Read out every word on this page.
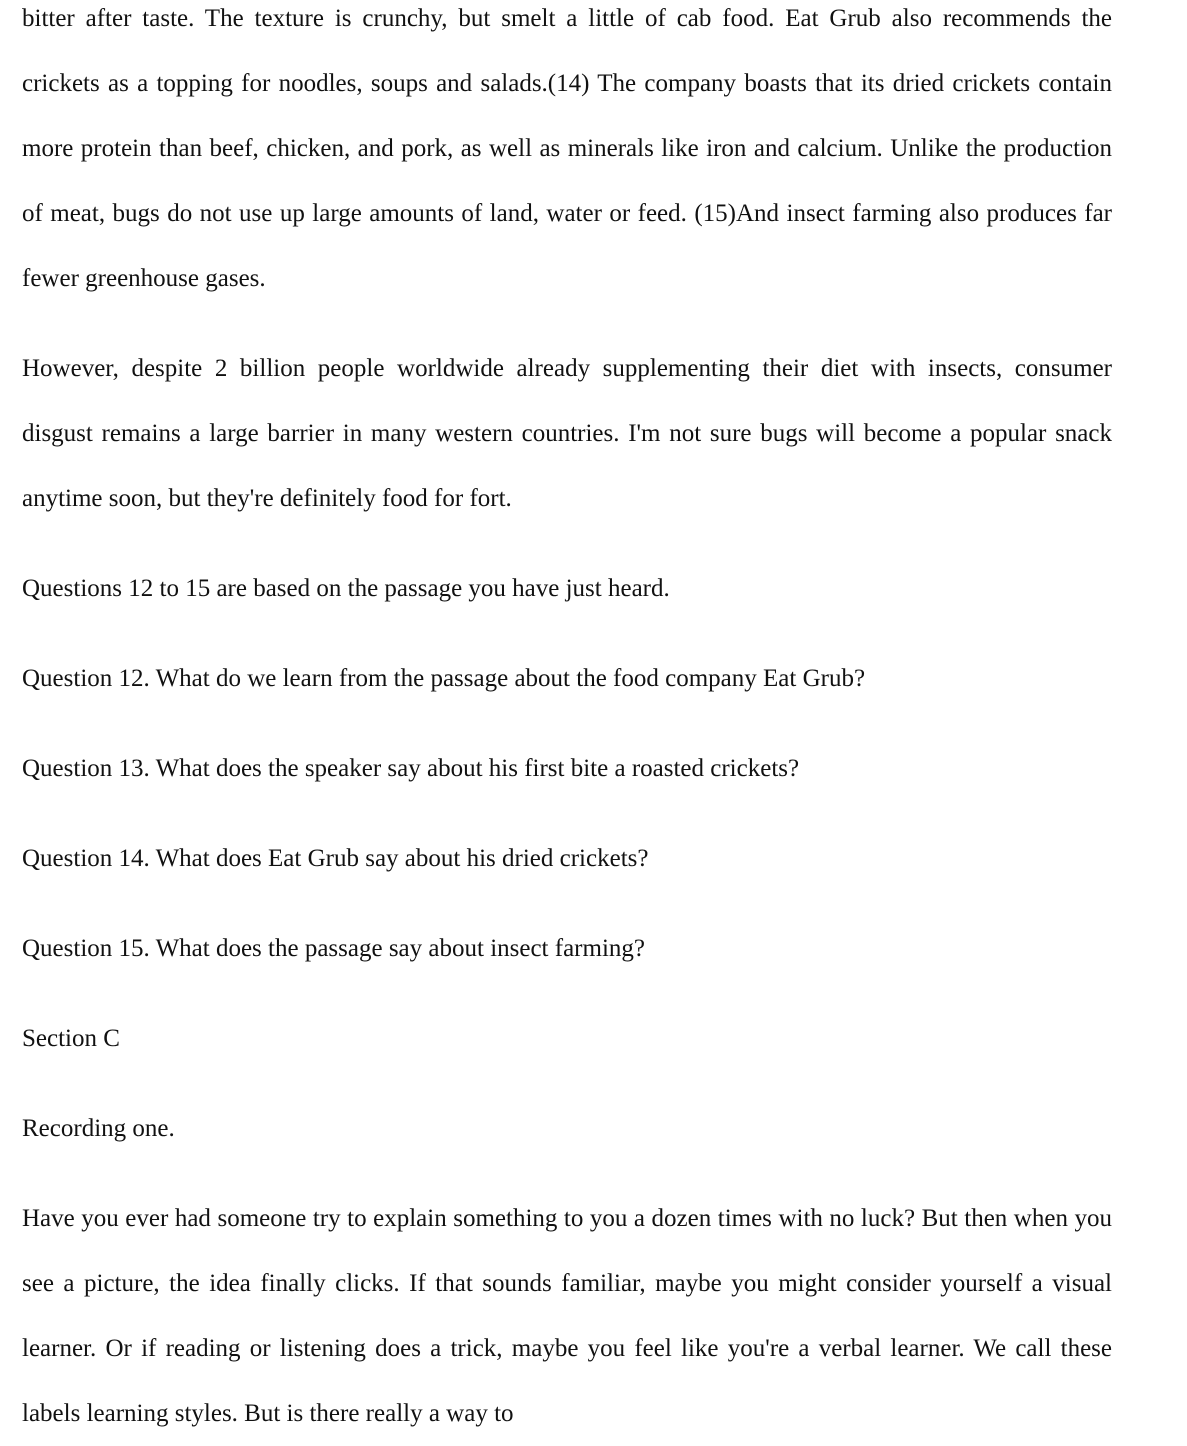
bitter after taste. The texture is crunchy, but smelt a little of cab food. Eat Grub also recommends the crickets as a topping for noodles, soups and salads.(14) The company boasts that its dried crickets contain more protein than beef, chicken, and pork, as well as minerals like iron and calcium. Unlike the production of meat, bugs do not use up large amounts of land, water or feed. (15)And insect farming also produces far fewer greenhouse gases.

However, despite 2 billion people worldwide already supplementing their diet with insects, consumer disgust remains a large barrier in many western countries. I'm not sure bugs will become a popular snack anytime soon, but they're definitely food for fort.

Questions 12 to 15 are based on the passage you have just heard.

Question 12. What do we learn from the passage about the food company Eat Grub?

Question 13. What does the speaker say about his first bite a roasted crickets?

Question 14. What does Eat Grub say about his dried crickets?

Question 15. What does the passage say about insect farming?

Section C

Recording one.

Have you ever had someone try to explain something to you a dozen times with no luck? But then when you see a picture, the idea finally clicks. If that sounds familiar, maybe you might consider yourself a visual learner. Or if reading or listening does a trick, maybe you feel like you're a verbal learner. We call these labels learning styles. But is there really a way to
